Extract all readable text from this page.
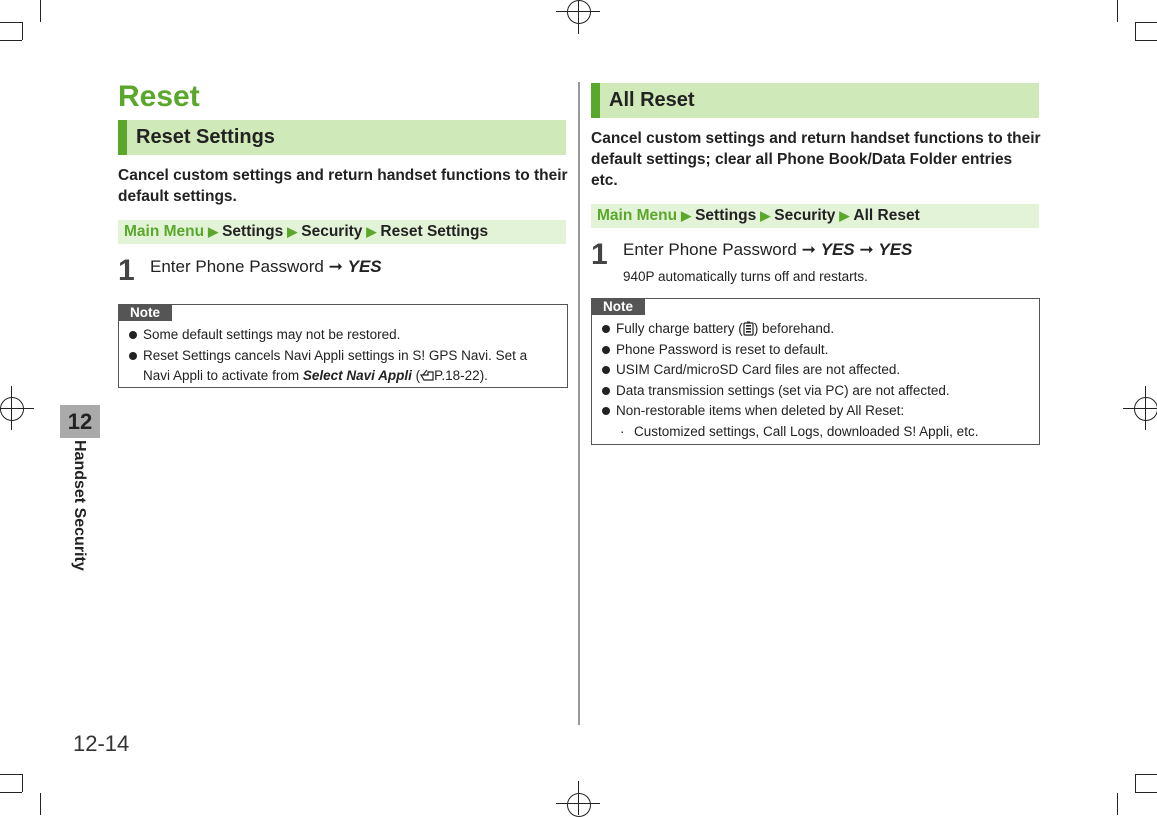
12
Handset Security
Reset
Reset Settings
Cancel custom settings and return handset functions to their default settings.
Main Menu ▶ Settings ▶ Security ▶ Reset Settings
1 Enter Phone Password ➞ YES
Note
Some default settings may not be restored.
Reset Settings cancels Navi Appli settings in S! GPS Navi. Set a
Navi Appli to activate from Select Navi Appli ( P.18-22).
All Reset
Cancel custom settings and return handset functions to their default settings; clear all Phone Book/Data Folder entries etc.
Main Menu ▶ Settings ▶ Security ▶ All Reset
1 Enter Phone Password ➞ YES ➞ YES
940P automatically turns off and restarts.
Note
Fully charge battery ( ) beforehand.
Phone Password is reset to default.
USIM Card/microSD Card files are not affected.
Data transmission settings (set via PC) are not affected.
Non-restorable items when deleted by All Reset:
· Customized settings, Call Logs, downloaded S! Appli, etc.
12-14
